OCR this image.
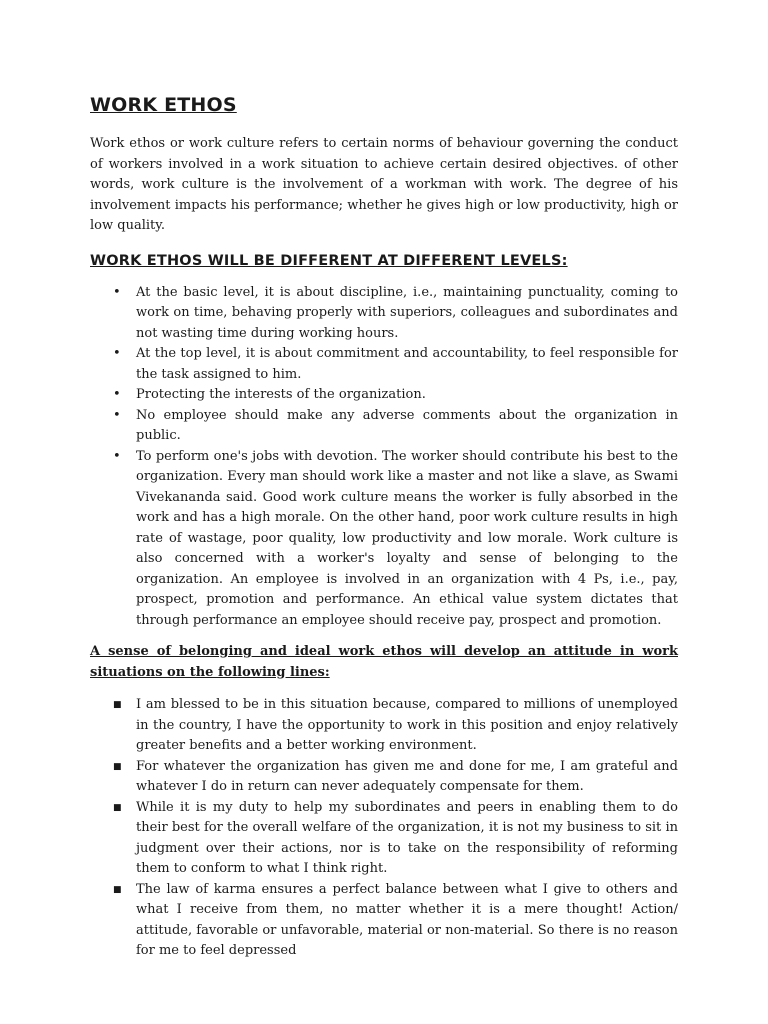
WORK ETHOS

Work ethos or work culture refers to certain norms of behaviour governing the conduct of workers involved in a work situation to achieve certain desired objectives. of other words, work culture is the involvement of a workman with work. The degree of his involvement impacts his performance; whether he gives high or low productivity, high or low quality.

WORK ETHOS WILL BE DIFFERENT AT DIFFERENT LEVELS:
• At the basic level, it is about discipline, i.e., maintaining punctuality, coming to work on time, behaving properly with superiors, colleagues and subordinates and not wasting time during working hours.
• At the top level, it is about commitment and accountability, to feel responsible for the task assigned to him.
• Protecting the interests of the organization.
• No employee should make any adverse comments about the organization in public.
• To perform one's jobs with devotion. The worker should contribute his best to the organization. Every man should work like a master and not like a slave, as Swami Vivekananda said. Good work culture means the worker is fully absorbed in the work and has a high morale. On the other hand, poor work culture results in high rate of wastage, poor quality, low productivity and low morale. Work culture is also concerned with a worker's loyalty and sense of belonging to the organization. An employee is involved in an organization with 4 Ps, i.e., pay, prospect, promotion and performance. An ethical value system dictates that through performance an employee should receive pay, prospect and promotion.

A sense of belonging and ideal work ethos will develop an attitude in work situations on the following lines:

■ I am blessed to be in this situation because, compared to millions of unemployed in the country, I have the opportunity to work in this position and enjoy relatively greater benefits and a better working environment.
■ For whatever the organization has given me and done for me, I am grateful and whatever I do in return can never adequately compensate for them.
■ While it is my duty to help my subordinates and peers in enabling them to do their best for the overall welfare of the organization, it is not my business to sit in judgment over their actions, nor is to take on the responsibility of reforming them to conform to what I think right.
■ The law of karma ensures a perfect balance between what I give to others and what I receive from them, no matter whether it is a mere thought! Action/ attitude, favorable or unfavorable, material or non-material. So there is no reason for me to feel depressed
